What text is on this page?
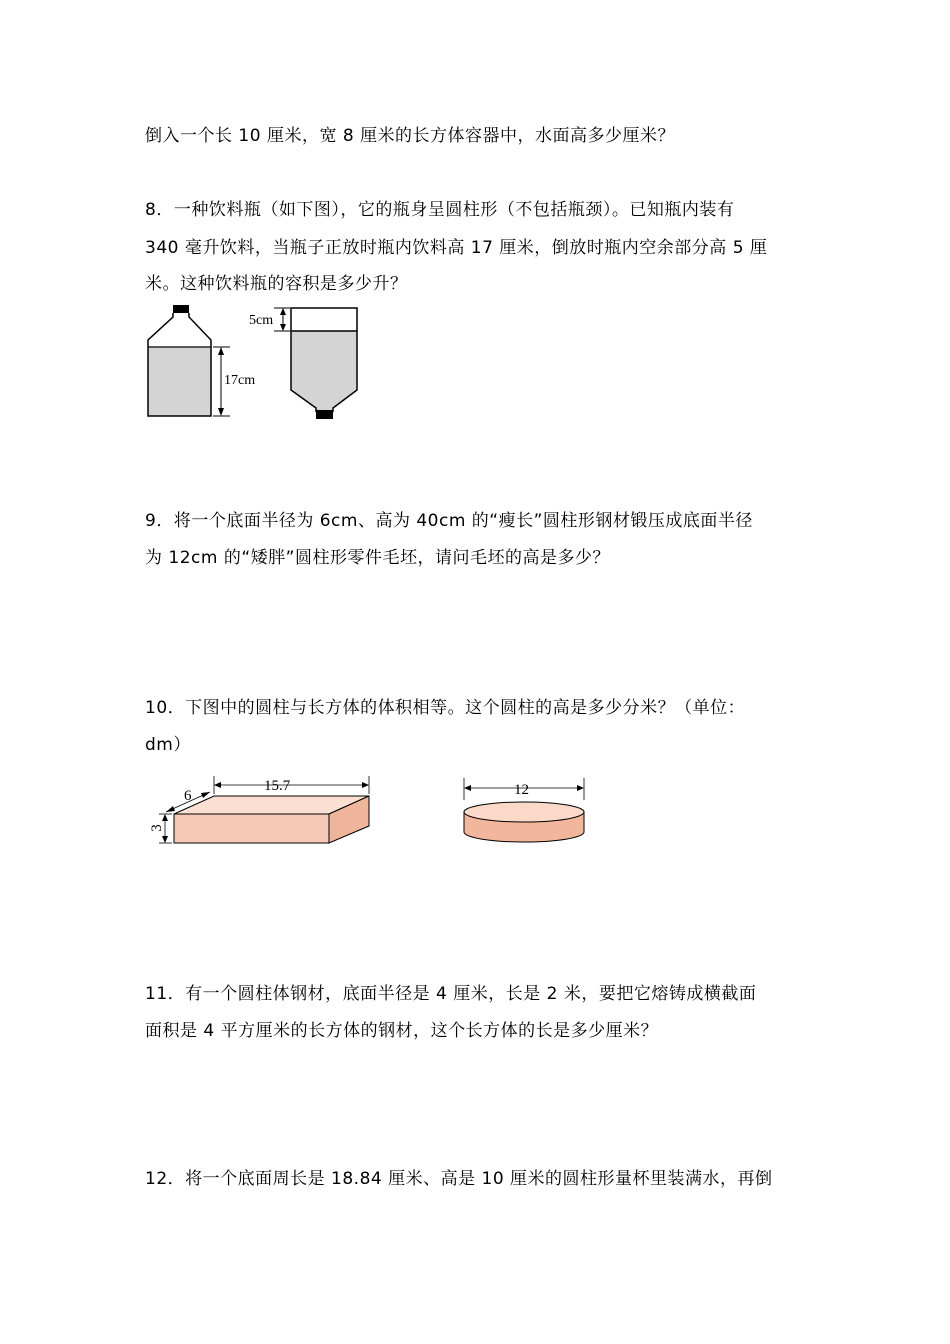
倒入一个长 10 厘米，宽 8 厘米的长方体容器中，水面高多少厘米？
8．一种饮料瓶（如下图），它的瓶身呈圆柱形（不包括瓶颈）。已知瓶内装有
340 毫升饮料，当瓶子正放时瓶内饮料高 17 厘米，倒放时瓶内空余部分高 5 厘
米。这种饮料瓶的容积是多少升？
17cm
5cm
9．将一个底面半径为 6cm、高为 40cm 的“瘦长”圆柱形钢材锻压成底面半径
为 12cm 的“矮胖”圆柱形零件毛坯，请问毛坯的高是多少？
10．下图中的圆柱与长方体的体积相等。这个圆柱的高是多少分米？（单位：
dm）
15.7
6
3
12
11．有一个圆柱体钢材，底面半径是 4 厘米，长是 2 米，要把它熔铸成横截面
面积是 4 平方厘米的长方体的钢材，这个长方体的长是多少厘米？
12．将一个底面周长是 18.84 厘米、高是 10 厘米的圆柱形量杯里装满水，再倒
